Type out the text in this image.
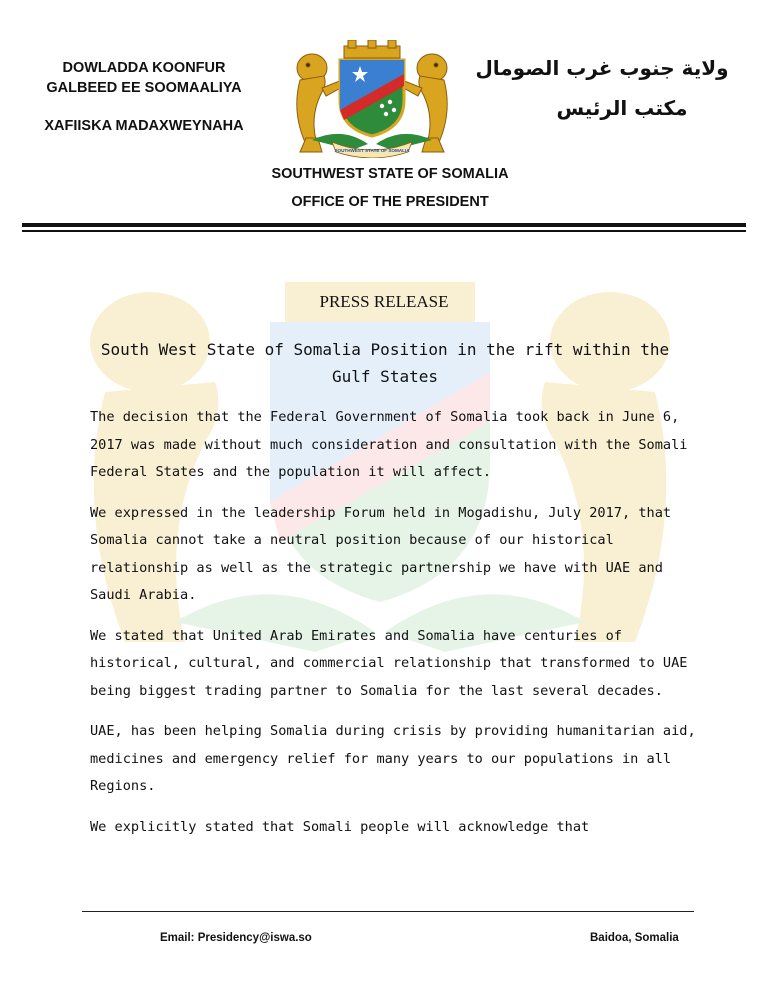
DOWLADDA KOONFUR GALBEED EE SOOMAALIYA
XAFIISKA MADAXWEYNAHA
ولاية جنوب غرب الصومال
مكتب الرئيس
SOUTHWEST STATE OF SOMALIA
SOUTHWEST STATE OF SOMALIA
OFFICE OF THE PRESIDENT
PRESS RELEASE
South West State of Somalia Position in the rift within the Gulf States

The decision that the Federal Government of Somalia took back in June 6, 2017 was made without much consideration and consultation with the Somali Federal States and the population it will affect.

We expressed in the leadership Forum held in Mogadishu, July 2017, that Somalia cannot take a neutral position because of our historical relationship as well as the strategic partnership we have with UAE and Saudi Arabia.

We stated that United Arab Emirates and Somalia have centuries of historical, cultural, and commercial relationship that transformed to UAE being biggest trading partner to Somalia for the last several decades.

UAE, has been helping Somalia during crisis by providing humanitarian aid, medicines and emergency relief for many years to our populations in all Regions.

We explicitly stated that Somali people will acknowledge that

Email: Presidency@iswa.so	Baidoa, Somalia
